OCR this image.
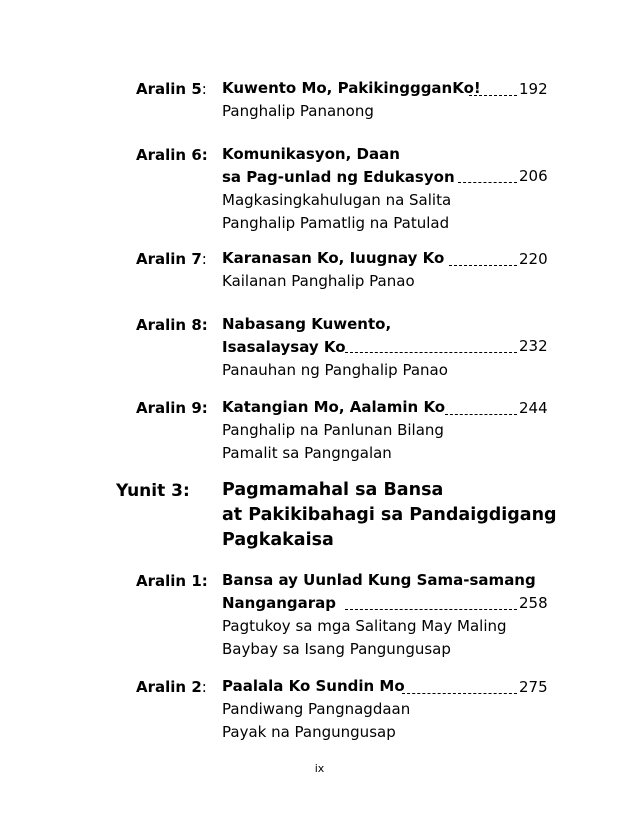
Aralin 5: Kuwento Mo, PakikinggganKo!	192
Panghalip Pananong
Aralin 6: Komunikasyon, Daan
sa Pag-unlad ng Edukasyon	206
Magkasingkahulugan na Salita
Panghalip Pamatlig na Patulad
Aralin 7: Karanasan Ko, Iuugnay Ko	220
Kailanan Panghalip Panao
Aralin 8: Nabasang Kuwento,
Isasalaysay Ko	232
Panauhan ng Panghalip Panao
Aralin 9: Katangian Mo, Aalamin Ko	244
Panghalip na Panlunan Bilang
Pamalit sa Pangngalan
Yunit 3: Pagmamahal sa Bansa
at Pakikibahagi sa Pandaigdigang
Pagkakaisa
Aralin 1: Bansa ay Uunlad Kung Sama-samang
Nangangarap	258
Pagtukoy sa mga Salitang May Maling
Baybay sa Isang Pangungusap
Aralin 2: Paalala Ko Sundin Mo	275
Pandiwang Pangnagdaan
Payak na Pangungusap
ix
